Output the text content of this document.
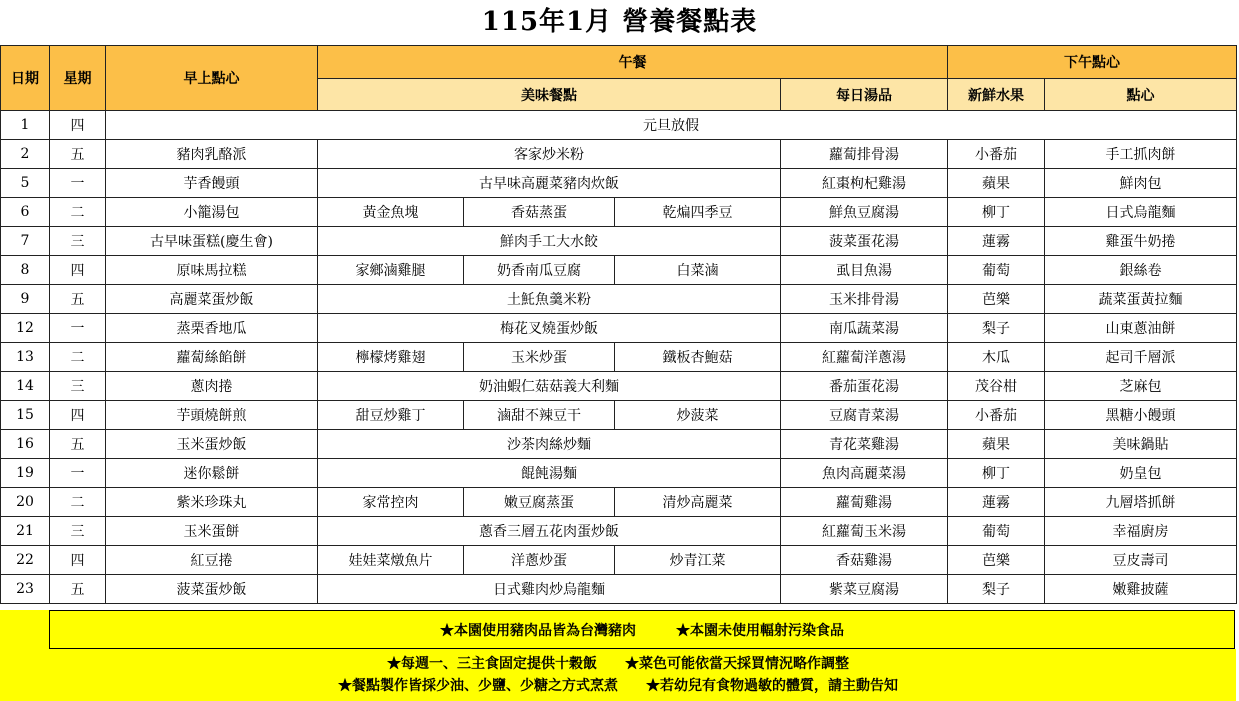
115年1月 營養餐點表
日期	星期	早上點心	午餐				下午點心	
			美味餐點			每日湯品	新鮮水果	點心
1	四	元旦放假						
2	五	豬肉乳酪派	客家炒米粉			蘿蔔排骨湯	小番茄	手工抓肉餅
5	一	芋香饅頭	古早味高麗菜豬肉炊飯			紅棗枸杞雞湯	蘋果	鮮肉包
6	二	小籠湯包	黃金魚塊	香菇蒸蛋	乾煸四季豆	鮮魚豆腐湯	柳丁	日式烏龍麵
7	三	古早味蛋糕(慶生會)	鮮肉手工大水餃			菠菜蛋花湯	蓮霧	雞蛋牛奶捲
8	四	原味馬拉糕	家鄉滷雞腿	奶香南瓜豆腐	白菜滷	虱目魚湯	葡萄	銀絲卷
9	五	高麗菜蛋炒飯	土魠魚羹米粉			玉米排骨湯	芭樂	蔬菜蛋黃拉麵
12	一	蒸栗香地瓜	梅花叉燒蛋炒飯			南瓜蔬菜湯	梨子	山東蔥油餅
13	二	蘿蔔絲餡餅	檸檬烤雞翅	玉米炒蛋	鐵板杏鮑菇	紅蘿蔔洋蔥湯	木瓜	起司千層派
14	三	蔥肉捲	奶油蝦仁菇菇義大利麵			番茄蛋花湯	茂谷柑	芝麻包
15	四	芋頭燒餅煎	甜豆炒雞丁	滷甜不辣豆干	炒菠菜	豆腐青菜湯	小番茄	黑糖小饅頭
16	五	玉米蛋炒飯	沙茶肉絲炒麵			青花菜雞湯	蘋果	美味鍋貼
19	一	迷你鬆餅	餛飩湯麵			魚肉高麗菜湯	柳丁	奶皇包
20	二	紫米珍珠丸	家常控肉	嫩豆腐蒸蛋	清炒高麗菜	蘿蔔雞湯	蓮霧	九層塔抓餅
21	三	玉米蛋餅	蔥香三層五花肉蛋炒飯			紅蘿蔔玉米湯	葡萄	幸福廚房
22	四	紅豆捲	娃娃菜燉魚片	洋蔥炒蛋	炒青江菜	香菇雞湯	芭樂	豆皮壽司
23	五	菠菜蛋炒飯	日式雞肉炒烏龍麵			紫菜豆腐湯	梨子	嫩雞披薩
★本園使用豬肉品皆為台灣豬肉	★本園未使用輻射污染食品
★每週一、三主食固定提供十穀飯 ★菜色可能依當天採買情況略作調整
★餐點製作皆採少油、少鹽、少糖之方式烹煮 ★若幼兒有食物過敏的體質，請主動告知
